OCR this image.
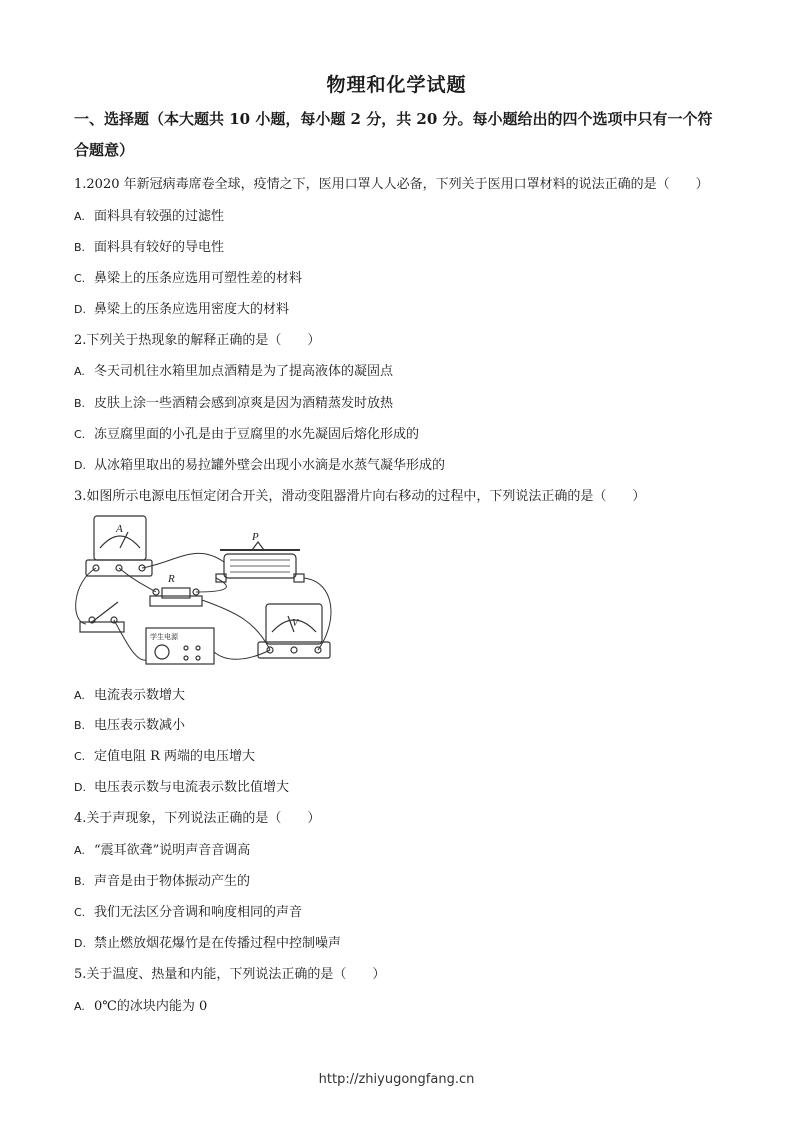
物理和化学试题
一、选择题（本大题共 10 小题，每小题 2 分，共 20 分。每小题给出的四个选项中只有一个符合题意）
1.2020 年新冠病毒席卷全球，疫情之下，医用口罩人人必备，下列关于医用口罩材料的说法正确的是（　　）
A. 面料具有较强的过滤性
B. 面料具有较好的导电性
C. 鼻梁上的压条应选用可塑性差的材料
D. 鼻梁上的压条应选用密度大的材料
2.下列关于热现象的解释正确的是（　　）
A. 冬天司机往水箱里加点酒精是为了提高液体的凝固点
B. 皮肤上涂一些酒精会感到凉爽是因为酒精蒸发时放热
C. 冻豆腐里面的小孔是由于豆腐里的水先凝固后熔化形成的
D. 从冰箱里取出的易拉罐外壁会出现小水滴是水蒸气凝华形成的
3.如图所示电源电压恒定闭合开关，滑动变阻器滑片向右移动的过程中，下列说法正确的是（　　）
A
R
P
V
学生电源
A. 电流表示数增大
B. 电压表示数减小
C. 定值电阻 R 两端的电压增大
D. 电压表示数与电流表示数比值增大
4.关于声现象，下列说法正确的是（　　）
A. “震耳欲聋”说明声音音调高
B. 声音是由于物体振动产生的
C. 我们无法区分音调和响度相同的声音
D. 禁止燃放烟花爆竹是在传播过程中控制噪声
5.关于温度、热量和内能，下列说法正确的是（　　）
A. 0℃的冰块内能为 0
http://zhiyugongfang.cn
